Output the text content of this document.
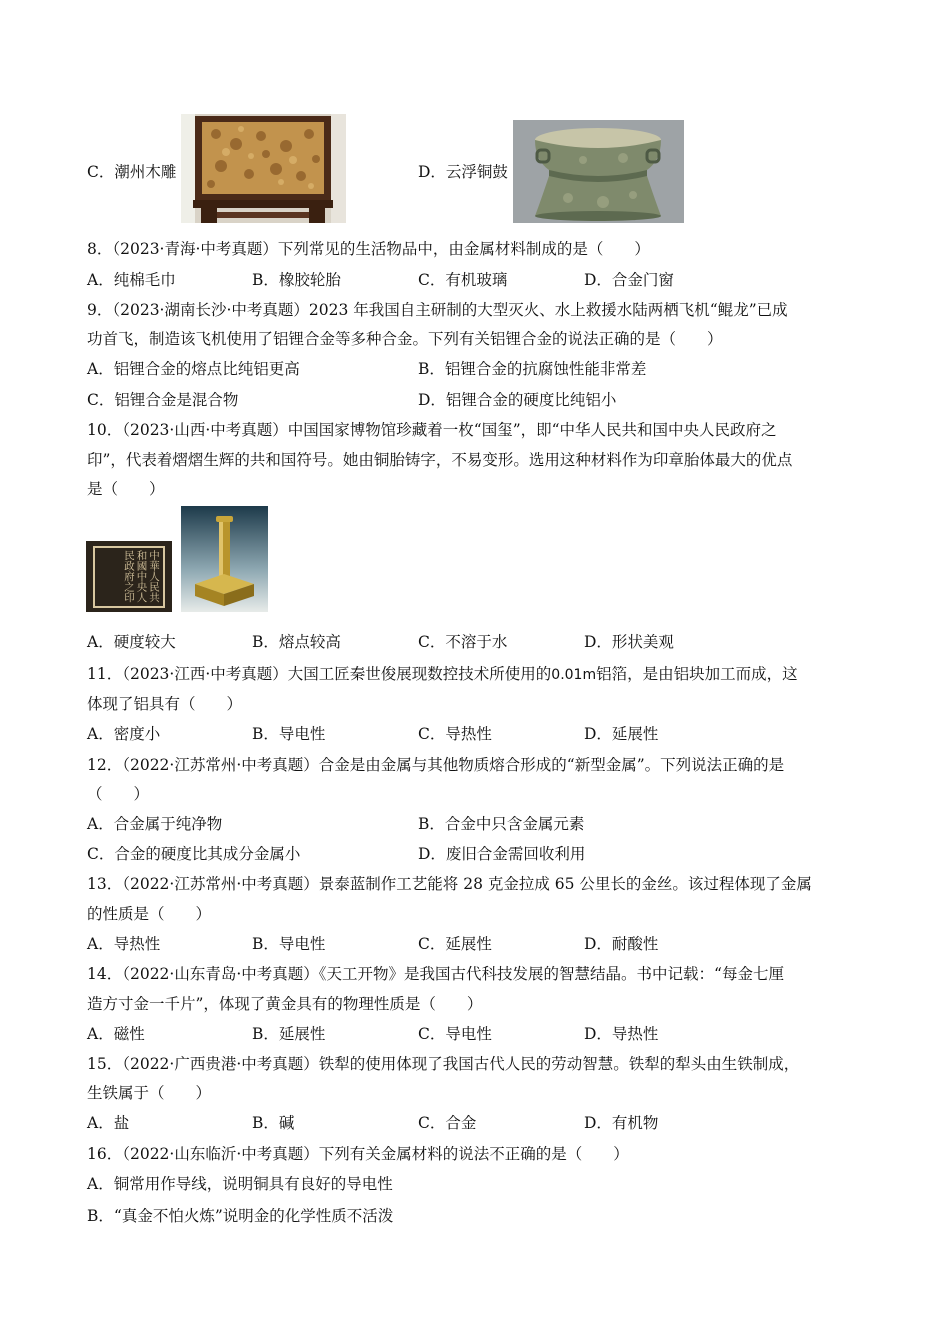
C．潮州木雕	D．云浮铜鼓
8．（2023·青海·中考真题）下列常见的生活物品中，由金属材料制成的是（　　）
A．纯棉毛巾	B．橡胶轮胎	C．有机玻璃	D．合金门窗
9．（2023·湖南长沙·中考真题）2023 年我国自主研制的大型灭火、水上救援水陆两栖飞机“鲲龙”已成
功首飞，制造该飞机使用了铝锂合金等多种合金。下列有关铝锂合金的说法正确的是（　　）
A．铝锂合金的熔点比纯铝更高	B．铝锂合金的抗腐蚀性能非常差
C．铝锂合金是混合物	D．铝锂合金的硬度比纯铝小
10．（2023·山西·中考真题）中国国家博物馆珍藏着一枚“国玺”，即“中华人民共和国中央人民政府之
印”，代表着熠熠生辉的共和国符号。她由铜胎铸字，不易变形。选用这种材料作为印章胎体最大的优点
是（　　）
中華人民共和國中央人民政府之印
A．硬度较大	B．熔点较高	C．不溶于水	D．形状美观
11．（2023·江西·中考真题）大国工匠秦世俊展现数控技术所使用的0.01m铝箔，是由铝块加工而成，这
体现了铝具有（　　）
A．密度小	B．导电性	C．导热性	D．延展性
12．（2022·江苏常州·中考真题）合金是由金属与其他物质熔合形成的“新型金属”。下列说法正确的是
（　　）
A．合金属于纯净物	B．合金中只含金属元素
C．合金的硬度比其成分金属小	D．废旧合金需回收利用
13．（2022·江苏常州·中考真题）景泰蓝制作工艺能将 28 克金拉成 65 公里长的金丝。该过程体现了金属
的性质是（　　）
A．导热性	B．导电性	C．延展性	D．耐酸性
14．（2022·山东青岛·中考真题）《天工开物》是我国古代科技发展的智慧结晶。书中记载：“每金七厘
造方寸金一千片”，体现了黄金具有的物理性质是（　　）
A．磁性	B．延展性	C．导电性	D．导热性
15．（2022·广西贵港·中考真题）铁犁的使用体现了我国古代人民的劳动智慧。铁犁的犁头由生铁制成，
生铁属于（　　）
A．盐	B．碱	C．合金	D．有机物
16．（2022·山东临沂·中考真题）下列有关金属材料的说法不正确的是（　　）
A．铜常用作导线，说明铜具有良好的导电性
B．“真金不怕火炼”说明金的化学性质不活泼
